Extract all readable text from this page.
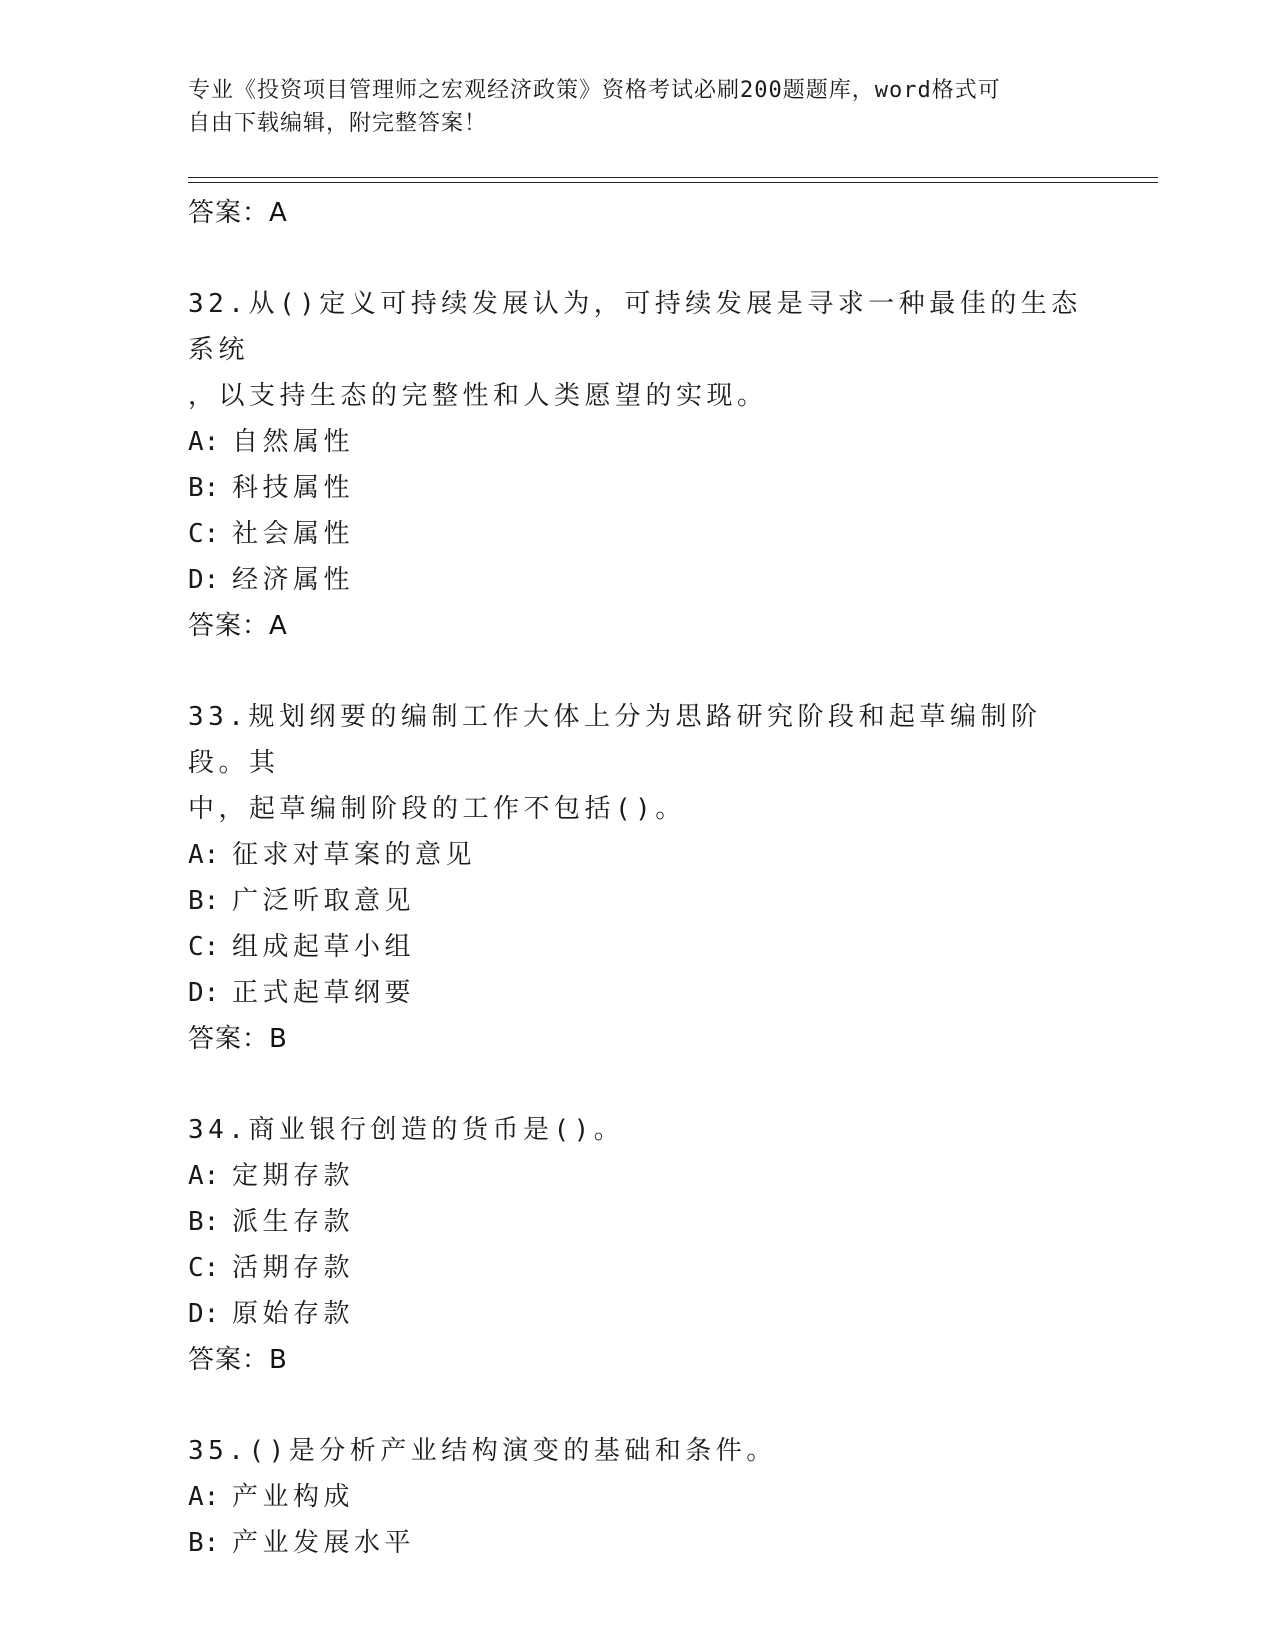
专业《投资项目管理师之宏观经济政策》资格考试必刷200题题库，word格式可
自由下载编辑，附完整答案！
答案：A
32.从()定义可持续发展认为，可持续发展是寻求一种最佳的生态系统
，以支持生态的完整性和人类愿望的实现。
A: 自然属性
B: 科技属性
C: 社会属性
D: 经济属性
答案：A
33.规划纲要的编制工作大体上分为思路研究阶段和起草编制阶段。其
中，起草编制阶段的工作不包括()。
A: 征求对草案的意见
B: 广泛听取意见
C: 组成起草小组
D: 正式起草纲要
答案：B
34.商业银行创造的货币是()。
A: 定期存款
B: 派生存款
C: 活期存款
D: 原始存款
答案：B
35.()是分析产业结构演变的基础和条件。
A: 产业构成
B: 产业发展水平
